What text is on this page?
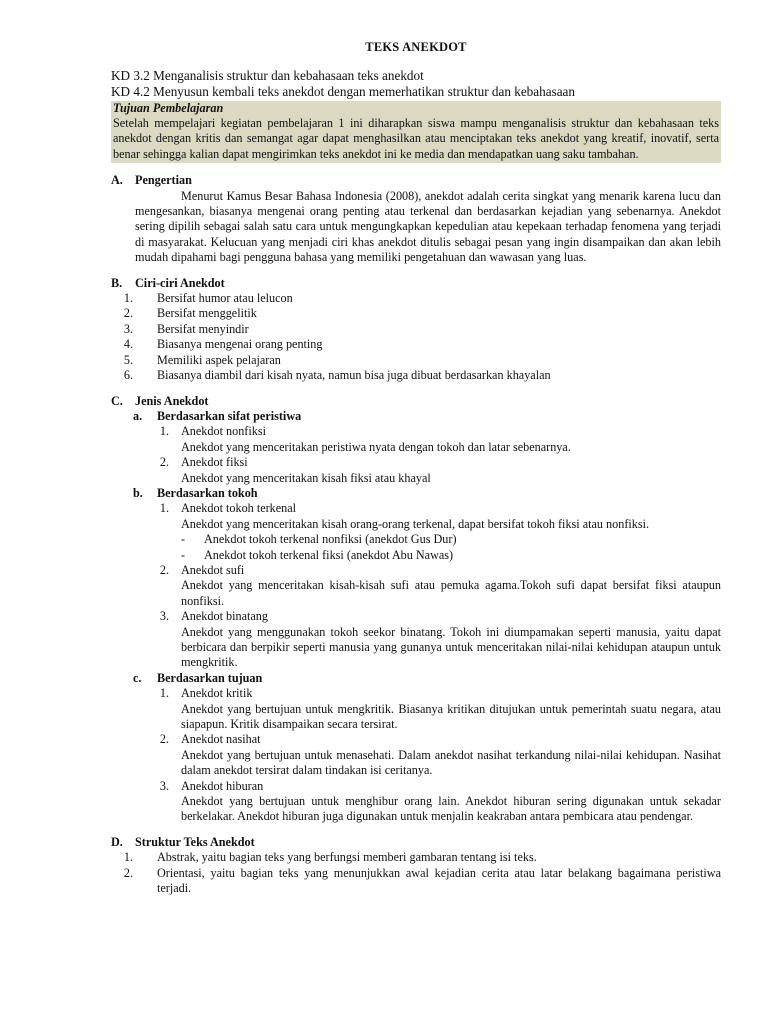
TEKS ANEKDOT

KD 3.2 Menganalisis struktur dan kebahasaan teks anekdot

KD 4.2 Menyusun kembali teks anekdot dengan memerhatikan struktur dan kebahasaan

Tujuan Pembelajaran
Setelah mempelajari kegiatan pembelajaran 1 ini diharapkan siswa mampu menganalisis struktur dan kebahasaan teks anekdot dengan kritis dan semangat agar dapat menghasilkan atau menciptakan teks anekdot yang kreatif, inovatif, serta benar sehingga kalian dapat mengirimkan teks anekdot ini ke media dan mendapatkan uang saku tambahan.
A. Pengertian
Menurut Kamus Besar Bahasa Indonesia (2008), anekdot adalah cerita singkat yang menarik karena lucu dan mengesankan, biasanya mengenai orang penting atau terkenal dan berdasarkan kejadian yang sebenarnya. Anekdot sering dipilih sebagai salah satu cara untuk mengungkapkan kepedulian atau kepekaan terhadap fenomena yang terjadi di masyarakat. Kelucuan yang menjadi ciri khas anekdot ditulis sebagai pesan yang ingin disampaikan dan akan lebih mudah dipahami bagi pengguna bahasa yang memiliki pengetahuan dan wawasan yang luas.
B.	Ciri-ciri Anekdot
1.	Bersifat humor atau lelucon
2.	Bersifat menggelitik
3.	Bersifat menyindir
4.	Biasanya mengenai orang penting
5.	Memiliki aspek pelajaran
6.	Biasanya diambil dari kisah nyata, namun bisa juga dibuat berdasarkan khayalan
C. Jenis Anekdot
a.	Berdasarkan sifat peristiwa
1. Anekdot nonfiksi
Anekdot yang menceritakan peristiwa nyata dengan tokoh dan latar sebenarnya.
2. Anekdot fiksi
Anekdot yang menceritakan kisah fiksi atau khayal
b.	Berdasarkan tokoh
1. Anekdot tokoh terkenal
Anekdot yang menceritakan kisah orang-orang terkenal, dapat bersifat tokoh fiksi atau nonfiksi.
-	Anekdot tokoh terkenal nonfiksi (anekdot Gus Dur)
-	Anekdot tokoh terkenal fiksi (anekdot Abu Nawas)
2. Anekdot sufi
Anekdot yang menceritakan kisah-kisah sufi atau pemuka agama.Tokoh sufi dapat bersifat fiksi ataupun nonfiksi.
3. Anekdot binatang
Anekdot yang menggunakan tokoh seekor binatang. Tokoh ini diumpamakan seperti manusia, yaitu dapat berbicara dan berpikir seperti manusia yang gunanya untuk menceritakan nilai-nilai kehidupan ataupun untuk mengkritik.
c.	Berdasarkan tujuan
1. Anekdot kritik
Anekdot yang bertujuan untuk mengkritik. Biasanya kritikan ditujukan untuk pemerintah suatu negara, atau siapapun. Kritik disampaikan secara tersirat.
2. Anekdot nasihat
Anekdot yang bertujuan untuk menasehati. Dalam anekdot nasihat terkandung nilai-nilai kehidupan. Nasihat dalam anekdot tersirat dalam tindakan isi ceritanya.
3. Anekdot hiburan
Anekdot yang bertujuan untuk menghibur orang lain. Anekdot hiburan sering digunakan untuk sekadar berkelakar. Anekdot hiburan juga digunakan untuk menjalin keakraban antara pembicara atau pendengar.
D. Struktur Teks Anekdot
1.	Abstrak, yaitu bagian teks yang berfungsi memberi gambaran tentang isi teks.
2.	Orientasi, yaitu bagian teks yang menunjukkan awal kejadian cerita atau latar belakang bagaimana peristiwa terjadi.
